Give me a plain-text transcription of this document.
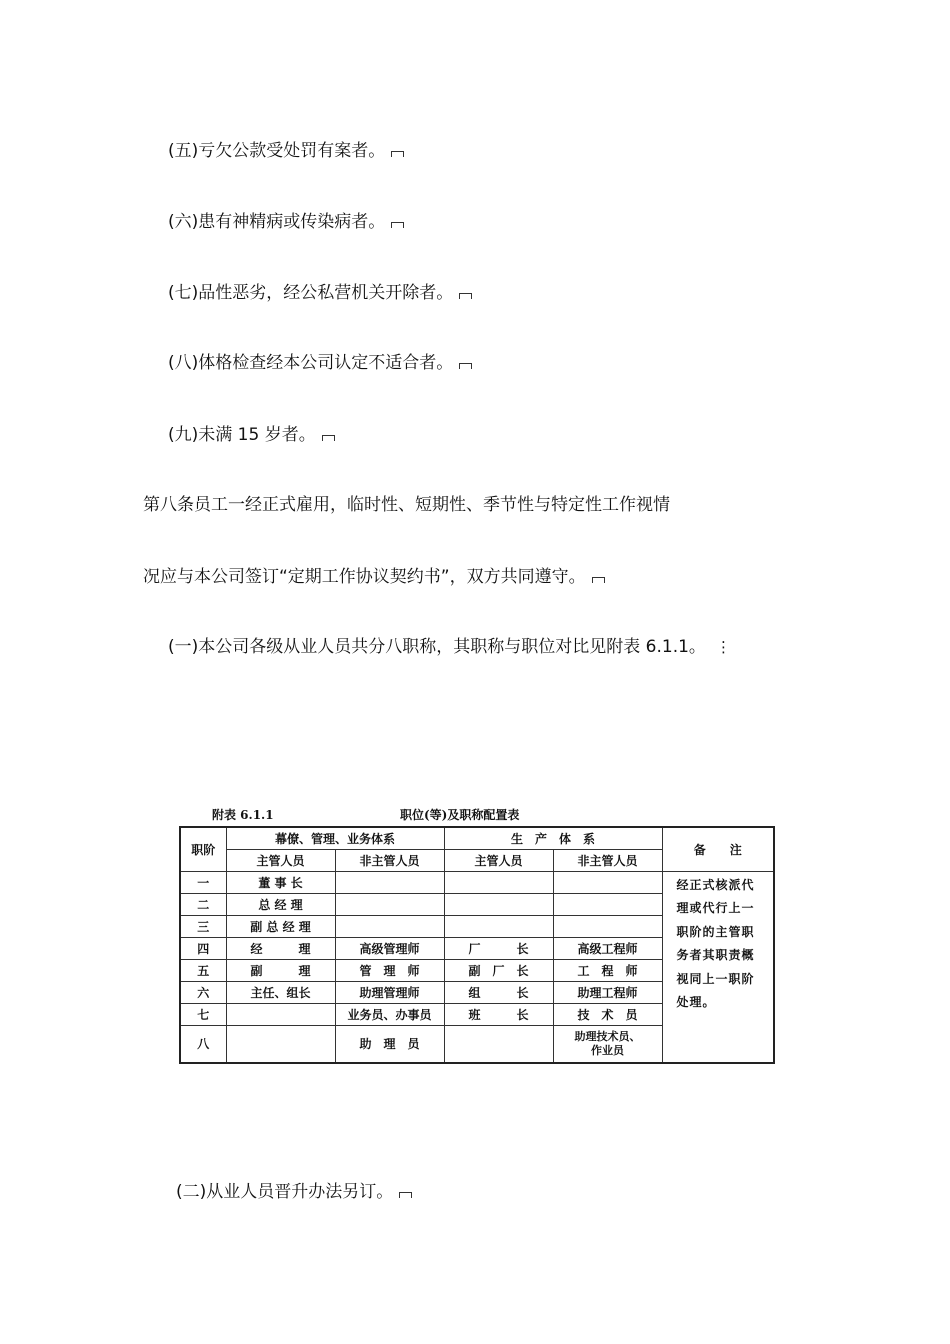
(五)亏欠公款受处罚有案者。
(六)患有神精病或传染病者。
(七)品性恶劣，经公私营机关开除者。
(八)体格检查经本公司认定不适合者。
(九)未满 15 岁者。
第八条员工一经正式雇用，临时性、短期性、季节性与特定性工作视情
况应与本公司签订“定期工作协议契约书”，双方共同遵守。
(一)本公司各级从业人员共分八职称，其职称与职位对比见附表 6.1.1。 ⋮
附表 6.1.1	职位(等)及职称配置表
职阶	幕僚、管理、业务体系		生　产　体　系		备　　注
	主管人员	非主管人员	主管人员	非主管人员	
一	董 事 长				经正式核派代理或代行上一职阶的主管职务者其职责概视同上一职阶处理。
二	总 经 理				
三	副 总 经 理				
四	经　　　理	高级管理师	厂　　　长	高级工程师	
五	副　　　理	管　理　师	副　厂　长	工　程　师	
六	主任、组长	助理管理师	组　　　长	助理工程师	
七		业务员、办事员	班　　　长	技　术　员	
八		助　理　员		助理技术员、
作业员	
(二)从业人员晋升办法另订。
